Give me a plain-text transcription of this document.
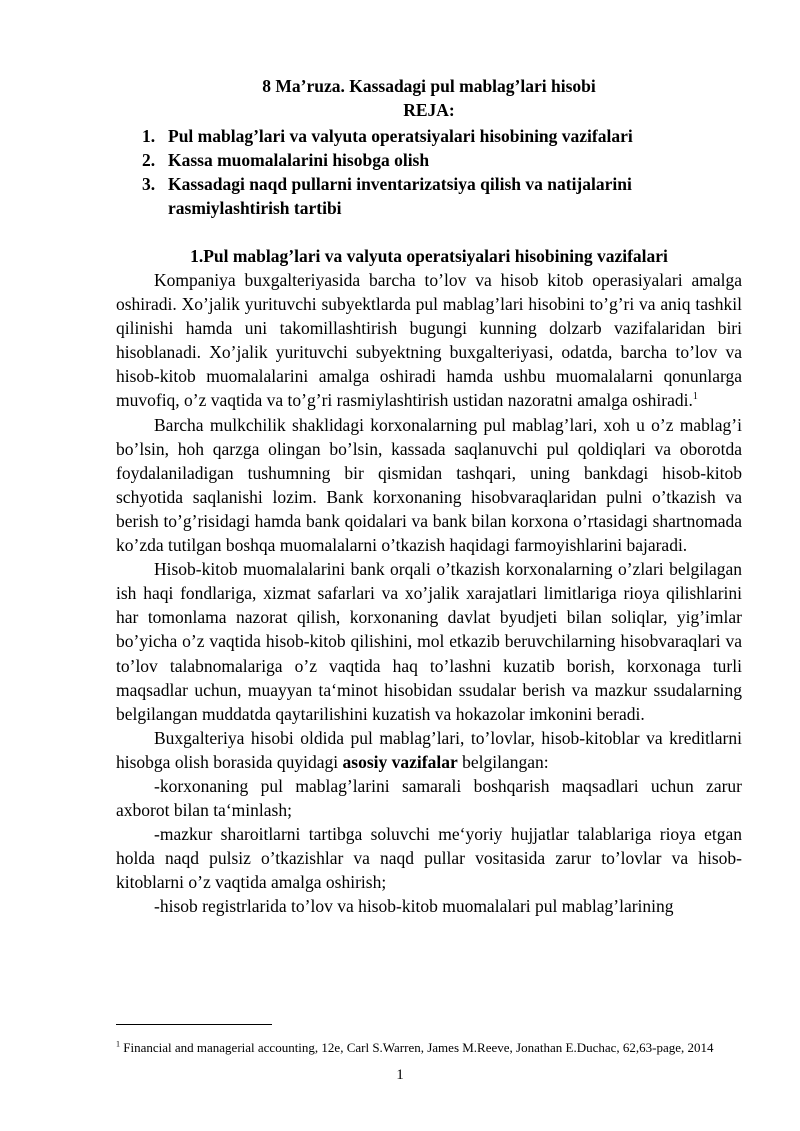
8 Ma’ruza. Kassadagi pul mablag’lari hisobi

REJA:

1. Pul mablag’lari va valyuta operatsiyalari hisobining vazifalari
2. Kassa muomalalarini hisobga olish
3. Kassadagi naqd pullarni inventarizatsiya qilish va natijalarini rasmiylashtirish tartibi

1.Pul mablag’lari va valyuta operatsiyalari hisobining vazifalari

Kompaniya buxgalteriyasida barcha to’lov va hisob kitob operasiyalari amalga oshiradi. Xo’jalik yurituvchi subyektlarda pul mablag’lari hisobini to’g’ri va aniq tashkil qilinishi hamda uni takomillashtirish bugungi kunning dolzarb vazifalaridan biri hisoblanadi. Xo’jalik yurituvchi subyektning buxgalteriyasi, odatda, barcha to’lov va hisob-kitob muomalalarini amalga oshiradi hamda ushbu muomalalarni qonunlarga muvofiq, o’z vaqtida va to’g’ri rasmiylashtirish ustidan nazoratni amalga oshiradi.$^1$

Barcha mulkchilik shaklidagi korxonalarning pul mablag’lari, xoh u o’z mablag’i bo’lsin, hoh qarzga olingan bo’lsin, kassada saqlanuvchi pul qoldiqlari va oborotda foydalaniladigan tushumning bir qismidan tashqari, uning bankdagi hisob-kitob schyotida saqlanishi lozim. Bank korxonaning hisobvaraqlaridan pulni o’tkazish va berish to’g’risidagi hamda bank qoidalari va bank bilan korxona o’rtasidagi shartnomada ko’zda tutilgan boshqa muomalalarni o’tkazish haqidagi farmoyishlarini bajaradi.

Hisob-kitob muomalalarini bank orqali o’tkazish korxonalarning o’zlari belgilagan ish haqi fondlariga, xizmat safarlari va xo’jalik xarajatlari limitlariga rioya qilishlarini har tomonlama nazorat qilish, korxonaning davlat byudjeti bilan soliqlar, yig’imlar bo’yicha o’z vaqtida hisob-kitob qilishini, mol etkazib beruvchilarning hisobvaraqlari va to’lov talabnomalariga o’z vaqtida haq to’lashni kuzatib borish, korxonaga turli maqsadlar uchun, muayyan ta‘minot hisobidan ssudalar berish va mazkur ssudalarning belgilangan muddatda qaytarilishini kuzatish va hokazolar imkonini beradi.

Buxgalteriya hisobi oldida pul mablag’lari, to’lovlar, hisob-kitoblar va kreditlarni hisobga olish borasida quyidagi asosiy vazifalar belgilangan:

-korxonaning pul mablag’larini samarali boshqarish maqsadlari uchun zarur axborot bilan ta‘minlash;

-mazkur sharoitlarni tartibga soluvchi me‘yoriy hujjatlar talablariga rioya etgan holda naqd pulsiz o’tkazishlar va naqd pullar vositasida zarur to’lovlar va hisob-kitoblarni o’z vaqtida amalga oshirish;

-hisob registrlarida to’lov va hisob-kitob muomalalari pul mablag’larining

$^1$ Financial and managerial accounting, 12e, Carl S.Warren, James M.Reeve, Jonathan E.Duchac, 62,63-page, 2014
1
